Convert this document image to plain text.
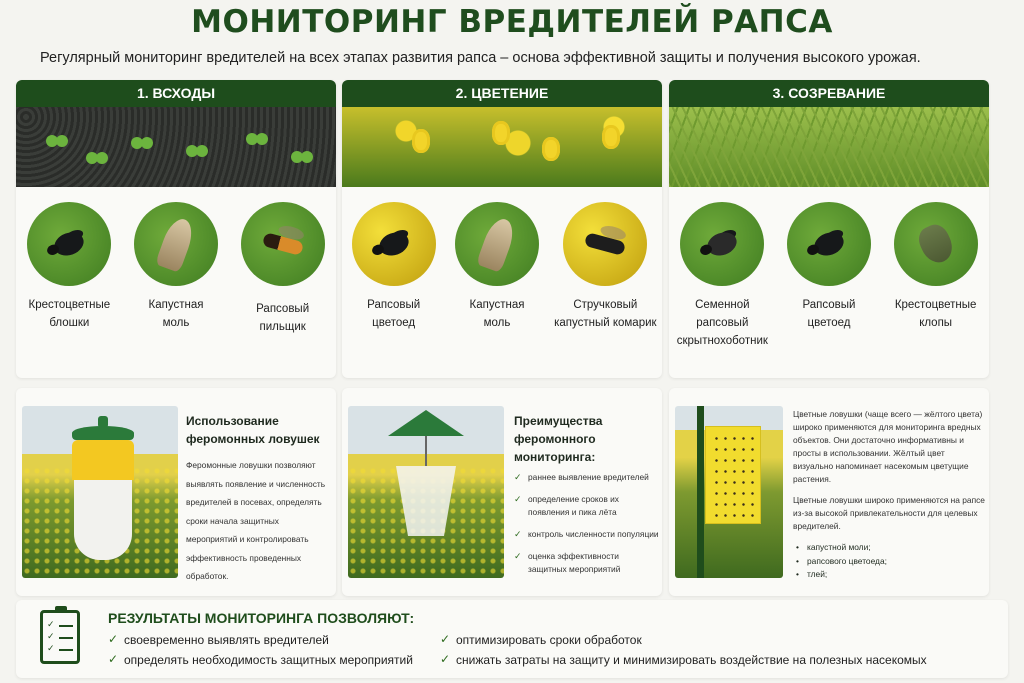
МОНИТОРИНГ ВРЕДИТЕЛЕЙ РАПСА
Регулярный мониторинг вредителей на всех этапах развития рапса – основа эффективной защиты и получения высокого урожая.
1. ВСХОДЫ
Крестоцветные
блошки
Капустная
моль
Рапсовый
пильщик
2. ЦВЕТЕНИЕ
Рапсовый
цветоед
Капустная
моль
Стручковый
капустный комарик
3. СОЗРЕВАНИЕ
Семенной
рапсовый
скрытнохоботник
Рапсовый
цветоед
Крестоцветные
клопы
Использование
феромонных ловушек
Феромонные ловушки позволяют выявлять появление и численность вредителей в посевах, определять сроки начала защитных мероприятий и контролировать эффективность проведенных обработок.
Преимущества
феромонного мониторинга:
✓ раннее выявление вредителей
✓ определение сроков их появления и пика лёта
✓ контроль численности популяции
✓ оценка эффективности защитных мероприятий

Цветные ловушки (чаще всего — жёлтого цвета) широко применяются для мониторинга вредных объектов. Они достаточно информативны и просты в использовании. Жёлтый цвет визуально напоминает насекомым цветущие растения.

Цветные ловушки широко применяются на рапсе из-за высокой привлекательности для целевых вредителей.

• капустной моли;
• рапсового цветоеда;
• тлей;
✓
✓
✓
РЕЗУЛЬТАТЫ МОНИТОРИНГА ПОЗВОЛЯЮТ:
✓ своевременно выявлять вредителей
✓ определять необходимость защитных мероприятий
✓ оптимизировать сроки обработок
✓ снижать затраты на защиту и минимизировать воздействие на полезных насекомых
